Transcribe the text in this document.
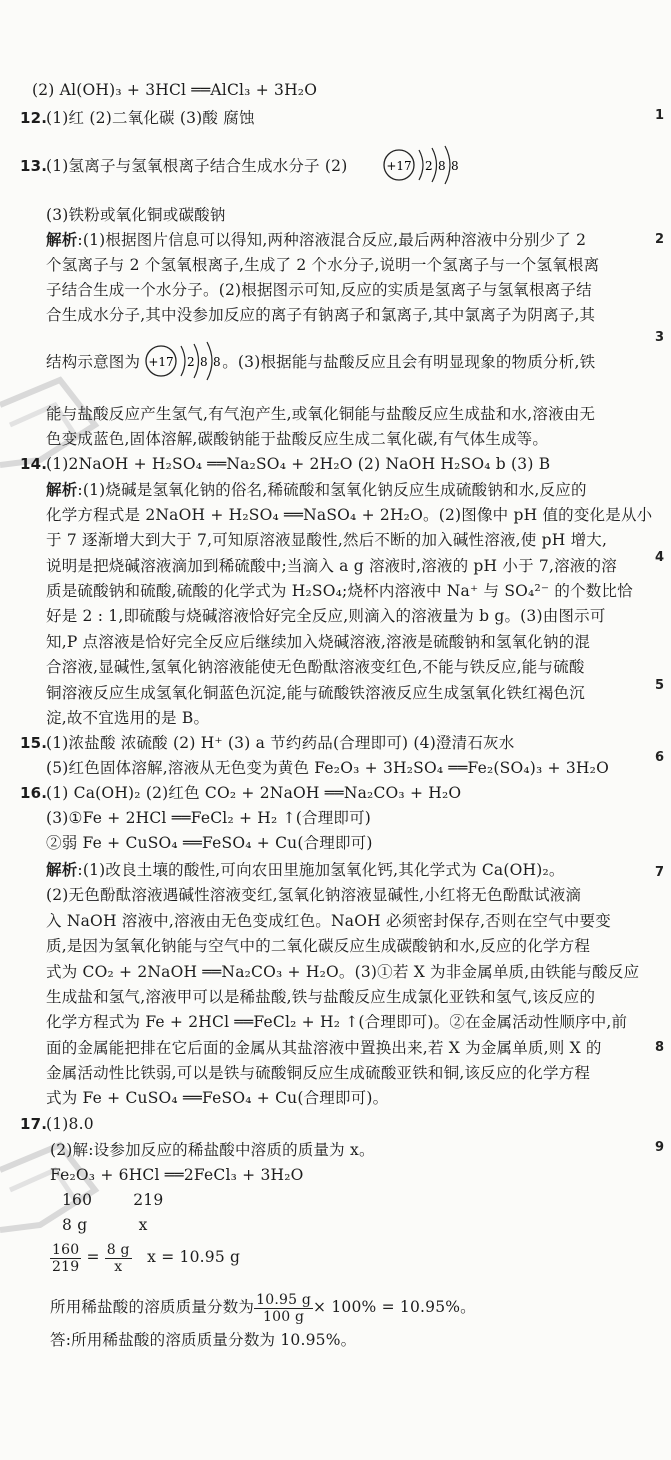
(2) Al(OH)₃ + 3HCl ══AlCl₃ + 3H₂O
12.
(1)红 (2)二氧化碳 (3)酸 腐蚀
13.
(1)氢离子与氢氧根离子结合生成水分子 (2)	+17 2 8 8
(3)铁粉或氧化铜或碳酸钠
解析:(1)根据图片信息可以得知,两种溶液混合反应,最后两种溶液中分别少了 2
个氢离子与 2 个氢氧根离子,生成了 2 个水分子,说明一个氢离子与一个氢氧根离
子结合生成一个水分子。(2)根据图示可知,反应的实质是氢离子与氢氧根离子结
合生成水分子,其中没参加反应的离子有钠离子和氯离子,其中氯离子为阴离子,其
结构示意图为	。(3)根据能与盐酸反应且会有明显现象的物质分析,铁
+17 2 8 8
能与盐酸反应产生氢气,有气泡产生,或氧化铜能与盐酸反应生成盐和水,溶液由无
色变成蓝色,固体溶解,碳酸钠能于盐酸反应生成二氧化碳,有气体生成等。
14.
(1)2NaOH + H₂SO₄ ══Na₂SO₄ + 2H₂O (2) NaOH H₂SO₄ b (3) B
解析:(1)烧碱是氢氧化钠的俗名,稀硫酸和氢氧化钠反应生成硫酸钠和水,反应的
化学方程式是 2NaOH + H₂SO₄ ══NaSO₄ + 2H₂O。(2)图像中 pH 值的变化是从小
于 7 逐渐增大到大于 7,可知原溶液显酸性,然后不断的加入碱性溶液,使 pH 增大,
说明是把烧碱溶液滴加到稀硫酸中;当滴入 a g 溶液时,溶液的 pH 小于 7,溶液的溶
质是硫酸钠和硫酸,硫酸的化学式为 H₂SO₄;烧杯内溶液中 Na⁺ 与 SO₄²⁻ 的个数比恰
好是 2 : 1,即硫酸与烧碱溶液恰好完全反应,则滴入的溶液量为 b g。(3)由图示可
知,P 点溶液是恰好完全反应后继续加入烧碱溶液,溶液是硫酸钠和氢氧化钠的混
合溶液,显碱性,氢氧化钠溶液能使无色酚酞溶液变红色,不能与铁反应,能与硫酸
铜溶液反应生成氢氧化铜蓝色沉淀,能与硫酸铁溶液反应生成氢氧化铁红褐色沉
淀,故不宜选用的是 B。
15.
(1)浓盐酸 浓硫酸 (2) H⁺ (3) a 节约药品(合理即可) (4)澄清石灰水
(5)红色固体溶解,溶液从无色变为黄色 Fe₂O₃ + 3H₂SO₄ ══Fe₂(SO₄)₃ + 3H₂O
16.
(1) Ca(OH)₂ (2)红色 CO₂ + 2NaOH ══Na₂CO₃ + H₂O
(3)①Fe + 2HCl ══FeCl₂ + H₂ ↑(合理即可)
②弱 Fe + CuSO₄ ══FeSO₄ + Cu(合理即可)
解析:(1)改良土壤的酸性,可向农田里施加氢氧化钙,其化学式为 Ca(OH)₂。
(2)无色酚酞溶液遇碱性溶液变红,氢氧化钠溶液显碱性,小红将无色酚酞试液滴
入 NaOH 溶液中,溶液由无色变成红色。NaOH 必须密封保存,否则在空气中要变
质,是因为氢氧化钠能与空气中的二氧化碳反应生成碳酸钠和水,反应的化学方程
式为 CO₂ + 2NaOH ══Na₂CO₃ + H₂O。(3)①若 X 为非金属单质,由铁能与酸反应
生成盐和氢气,溶液甲可以是稀盐酸,铁与盐酸反应生成氯化亚铁和氢气,该反应的
化学方程式为 Fe + 2HCl ══FeCl₂ + H₂ ↑(合理即可)。②在金属活动性顺序中,前
面的金属能把排在它后面的金属从其盐溶液中置换出来,若 X 为金属单质,则 X 的
金属活动性比铁弱,可以是铁与硫酸铜反应生成硫酸亚铁和铜,该反应的化学方程
式为 Fe + CuSO₄ ══FeSO₄ + Cu(合理即可)。
17.
(1)8.0
(2)解:设参加反应的稀盐酸中溶质的质量为 x。
Fe₂O₃ + 6HCl ══2FeCl₃ + 3H₂O
160        219
8 g          x
$\frac{160}{219} = \frac{8 g}{x}$ x = 10.95 g
所用稀盐酸的溶质质量分数为 $\frac{10.95 g}{100 g} \times 100\% = 10.95\%$。
答:所用稀盐酸的溶质质量分数为 10.95%。
1
2
3
4
5
6
7
8
9
